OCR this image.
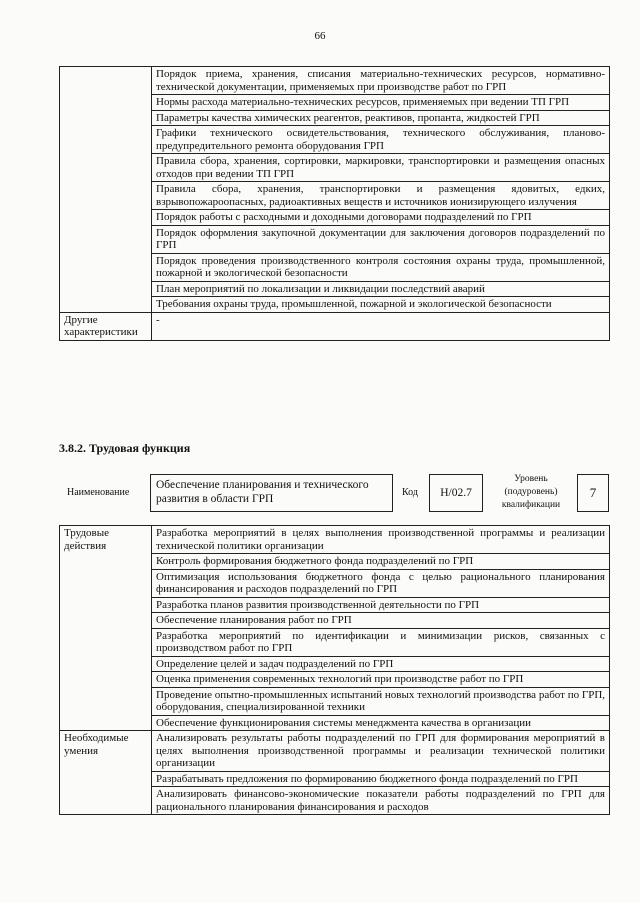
66
	Порядок приема, хранения, списания материально-технических ресурсов, нормативно-технической документации, применяемых при производстве работ по ГРП
	Нормы расхода материально-технических ресурсов, применяемых при ведении ТП ГРП
	Параметры качества химических реагентов, реактивов, пропанта, жидкостей ГРП
	Графики технического освидетельствования, технического обслуживания, планово-предупредительного ремонта оборудования ГРП
	Правила сбора, хранения, сортировки, маркировки, транспортировки и размещения опасных отходов при ведении ТП ГРП
	Правила сбора, хранения, транспортировки и размещения ядовитых, едких, взрывопожароопасных, радиоактивных веществ и источников ионизирующего излучения
	Порядок работы с расходными и доходными договорами подразделений по ГРП
	Порядок оформления закупочной документации для заключения договоров подразделений по ГРП
	Порядок проведения производственного контроля состояния охраны труда, промышленной, пожарной и экологической безопасности
	План мероприятий по локализации и ликвидации последствий аварий
	Требования охраны труда, промышленной, пожарной и экологической безопасности
Другие характеристики	-
3.8.2. Трудовая функция
Наименование
Обеспечение планирования и технического развития в области ГРП
Код	H/02.7
Уровень (подуровень) квалификации
7
Трудовые действия	Разработка мероприятий в целях выполнения производственной программы и реализации технической политики организации
	Контроль формирования бюджетного фонда подразделений по ГРП
	Оптимизация использования бюджетного фонда с целью рационального планирования финансирования и расходов подразделений по ГРП
	Разработка планов развития производственной деятельности по ГРП
	Обеспечение планирования работ по ГРП
	Разработка мероприятий по идентификации и минимизации рисков, связанных с производством работ по ГРП
	Определение целей и задач подразделений по ГРП
	Оценка применения современных технологий при производстве работ по ГРП
	Проведение опытно-промышленных испытаний новых технологий производства работ по ГРП, оборудования, специализированной техники
	Обеспечение функционирования системы менеджмента качества в организации
Необходимые умения	Анализировать результаты работы подразделений по ГРП для формирования мероприятий в целях выполнения производственной программы и реализации технической политики организации
	Разрабатывать предложения по формированию бюджетного фонда подразделений по ГРП
	Анализировать финансово-экономические показатели работы подразделений по ГРП для рационального планирования финансирования и расходов
